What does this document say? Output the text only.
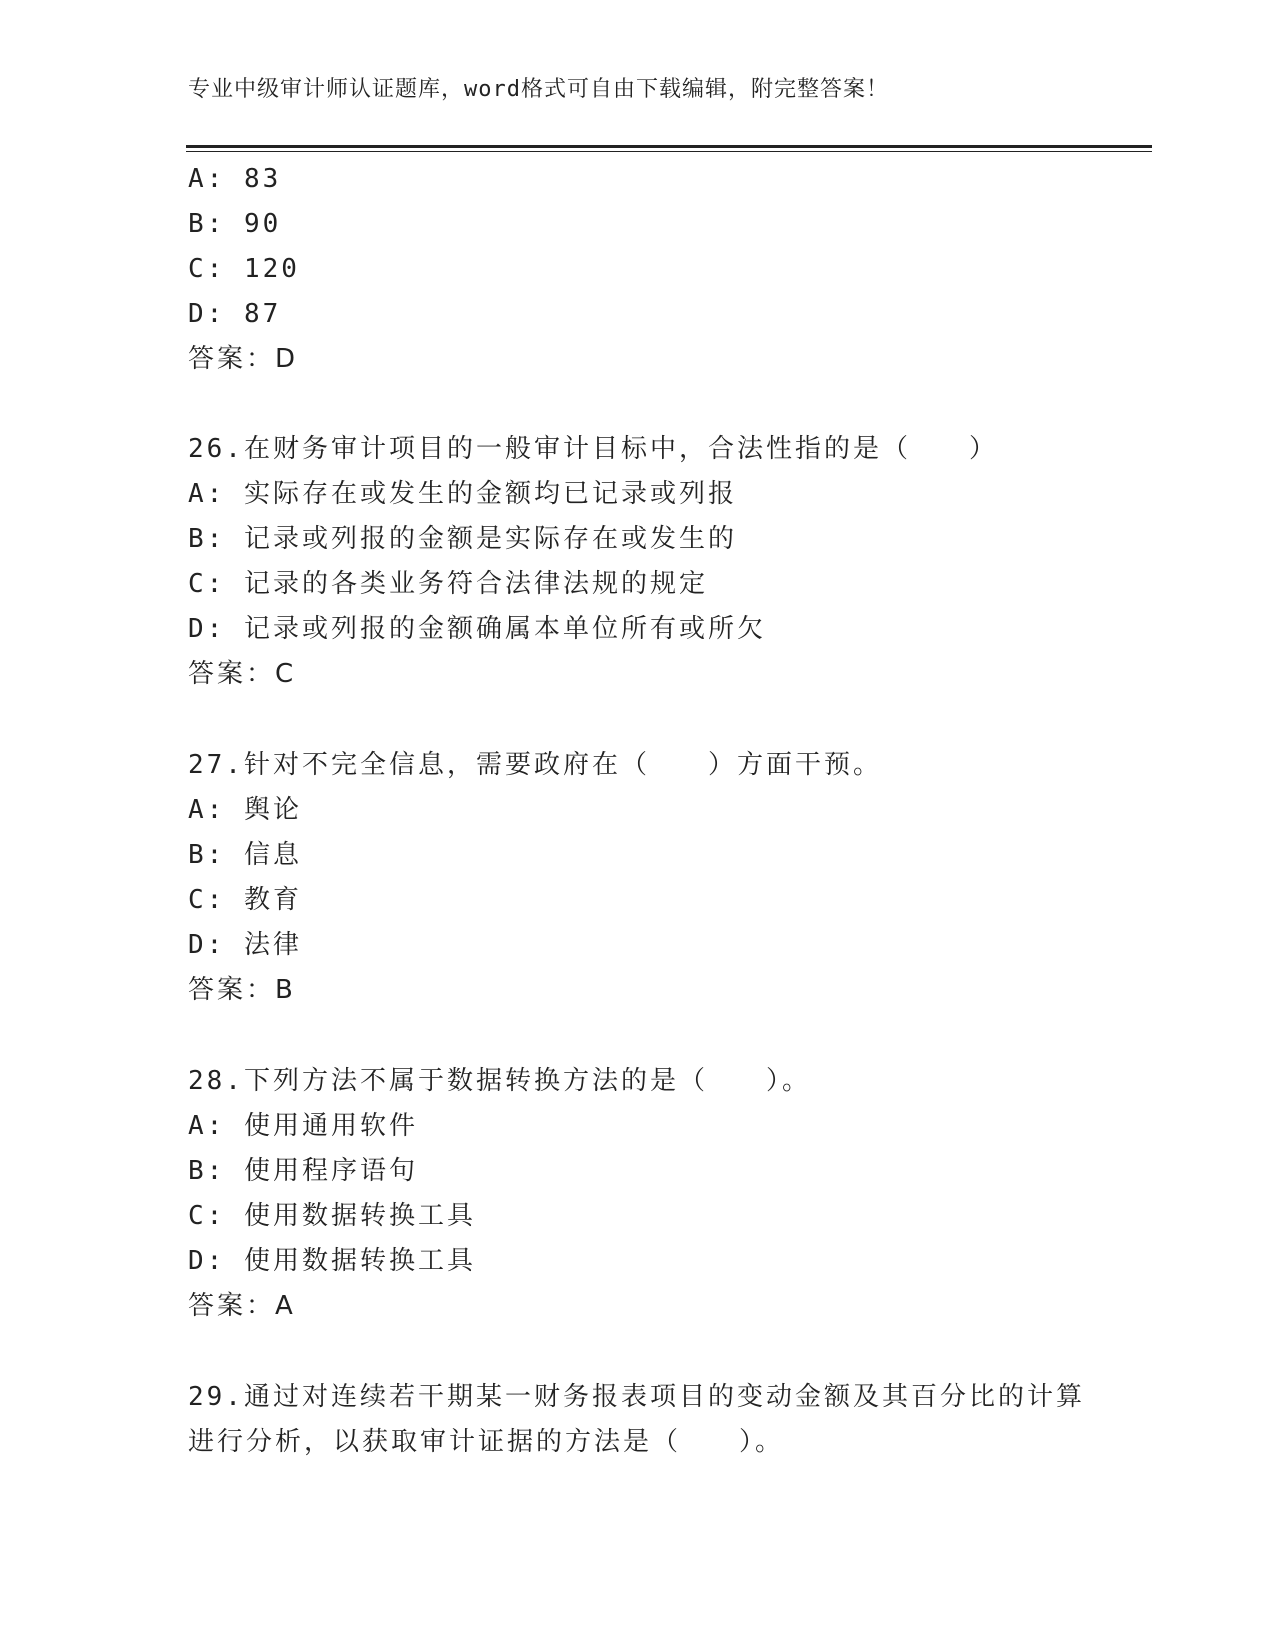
专业中级审计师认证题库，word格式可自由下载编辑，附完整答案！
A: 83
B: 90
C: 120
D: 87
答案：D
26.在财务审计项目的一般审计目标中，合法性指的是（　　）
A: 实际存在或发生的金额均已记录或列报
B: 记录或列报的金额是实际存在或发生的
C: 记录的各类业务符合法律法规的规定
D: 记录或列报的金额确属本单位所有或所欠
答案：C
27.针对不完全信息，需要政府在（　　）方面干预。
A: 舆论
B: 信息
C: 教育
D: 法律
答案：B
28.下列方法不属于数据转换方法的是（　　）。
A: 使用通用软件
B: 使用程序语句
C: 使用数据转换工具
D: 使用数据转换工具
答案：A
29.通过对连续若干期某一财务报表项目的变动金额及其百分比的计算
进行分析，以获取审计证据的方法是（　　）。
